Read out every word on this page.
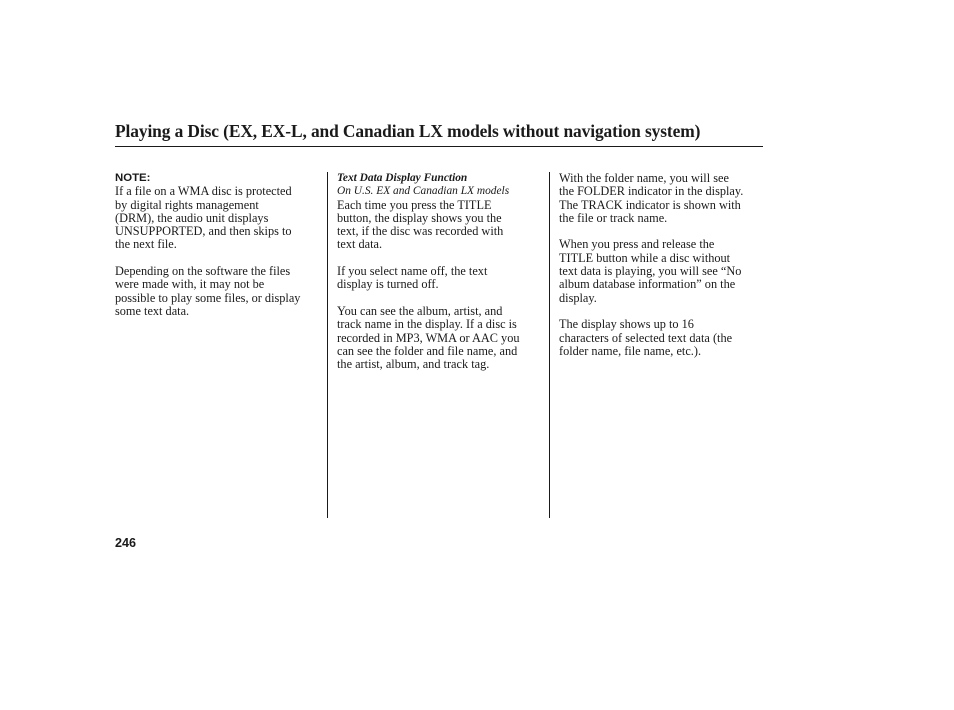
Playing a Disc (EX, EX-L, and Canadian LX models without navigation system)

NOTE:

If a file on a WMA disc is protected

by digital rights management

(DRM), the audio unit displays

UNSUPPORTED, and then skips to

the next file.

Depending on the software the files

were made with, it may not be

possible to play some files, or display

some text data.

Text Data Display Function

On U.S. EX and Canadian LX models

Each time you press the TITLE

button, the display shows you the

text, if the disc was recorded with

text data.

If you select name off, the text

display is turned off.

You can see the album, artist, and

track name in the display. If a disc is

recorded in MP3, WMA or AAC you

can see the folder and file name, and

the artist, album, and track tag.

With the folder name, you will see

the FOLDER indicator in the display.

The TRACK indicator is shown with

the file or track name.

When you press and release the

TITLE button while a disc without

text data is playing, you will see “No

album database information” on the

display.

The display shows up to 16

characters of selected text data (the

folder name, file name, etc.).

246
